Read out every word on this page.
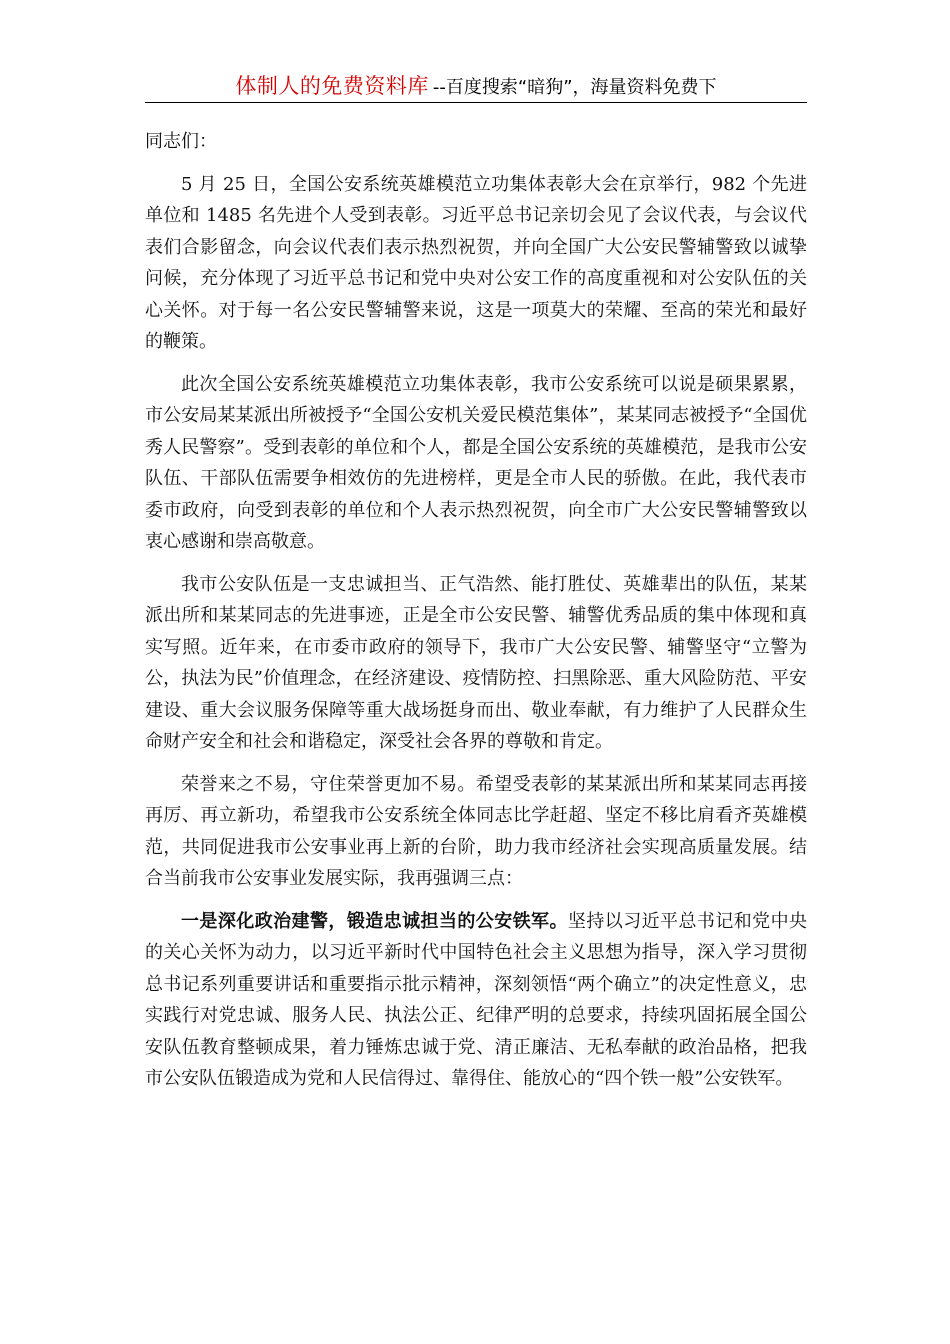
体制人的免费资料库 --百度搜索“暗狗”，海量资料免费下

同志们：

5 月 25 日，全国公安系统英雄模范立功集体表彰大会在京举行，982 个先进单位和 1485 名先进个人受到表彰。习近平总书记亲切会见了会议代表，与会议代表们合影留念，向会议代表们表示热烈祝贺，并向全国广大公安民警辅警致以诚挚问候，充分体现了习近平总书记和党中央对公安工作的高度重视和对公安队伍的关心关怀。对于每一名公安民警辅警来说，这是一项莫大的荣耀、至高的荣光和最好的鞭策。

此次全国公安系统英雄模范立功集体表彰，我市公安系统可以说是硕果累累，市公安局某某派出所被授予“全国公安机关爱民模范集体”，某某同志被授予“全国优秀人民警察”。受到表彰的单位和个人，都是全国公安系统的英雄模范，是我市公安队伍、干部队伍需要争相效仿的先进榜样，更是全市人民的骄傲。在此，我代表市委市政府，向受到表彰的单位和个人表示热烈祝贺，向全市广大公安民警辅警致以衷心感谢和崇高敬意。

我市公安队伍是一支忠诚担当、正气浩然、能打胜仗、英雄辈出的队伍，某某派出所和某某同志的先进事迹，正是全市公安民警、辅警优秀品质的集中体现和真实写照。近年来，在市委市政府的领导下，我市广大公安民警、辅警坚守“立警为公，执法为民”价值理念，在经济建设、疫情防控、扫黑除恶、重大风险防范、平安建设、重大会议服务保障等重大战场挺身而出、敬业奉献，有力维护了人民群众生命财产安全和社会和谐稳定，深受社会各界的尊敬和肯定。

荣誉来之不易，守住荣誉更加不易。希望受表彰的某某派出所和某某同志再接再厉、再立新功，希望我市公安系统全体同志比学赶超、坚定不移比肩看齐英雄模范，共同促进我市公安事业再上新的台阶，助力我市经济社会实现高质量发展。结合当前我市公安事业发展实际，我再强调三点：

一是深化政治建警，锻造忠诚担当的公安铁军。坚持以习近平总书记和党中央的关心关怀为动力，以习近平新时代中国特色社会主义思想为指导，深入学习贯彻总书记系列重要讲话和重要指示批示精神，深刻领悟“两个确立”的决定性意义，忠实践行对党忠诚、服务人民、执法公正、纪律严明的总要求，持续巩固拓展全国公安队伍教育整顿成果，着力锤炼忠诚于党、清正廉洁、无私奉献的政治品格，把我市公安队伍锻造成为党和人民信得过、靠得住、能放心的“四个铁一般”公安铁军。
